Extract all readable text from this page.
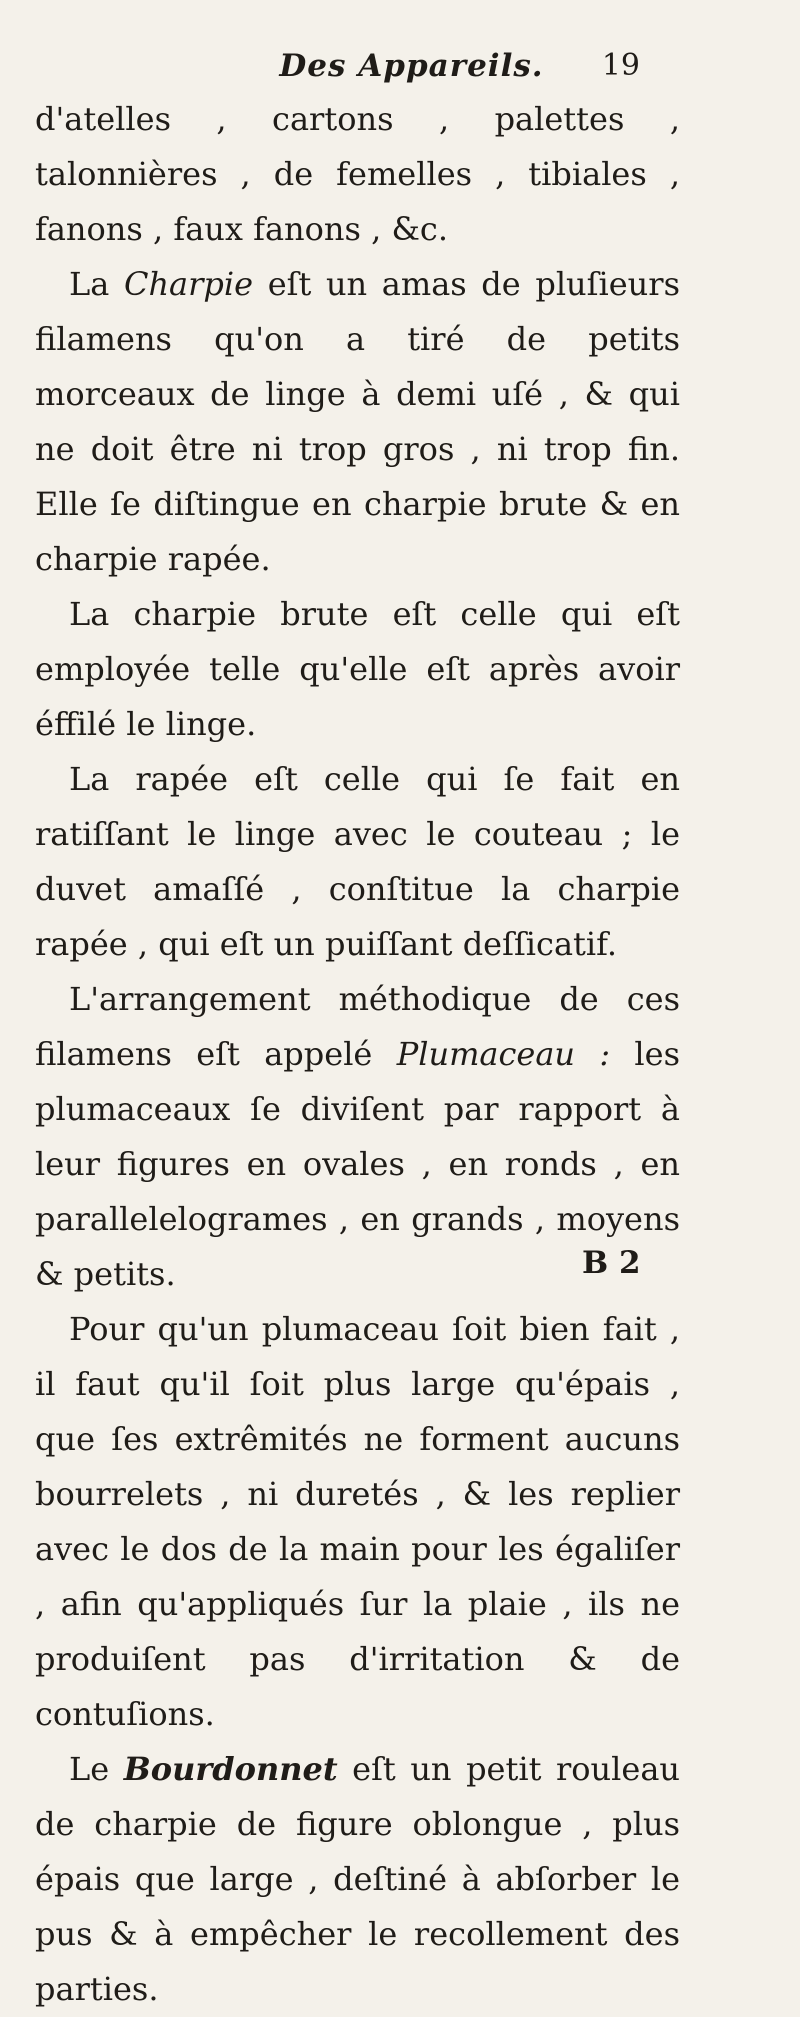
Des Appareils. 19

d'atelles , cartons , palettes , talonnières , de femelles , tibiales , fanons , faux fanons , &c.

La Charpie eſt un amas de pluſieurs filamens qu'on a tiré de petits morceaux de linge à demi uſé , & qui ne doit être ni trop gros , ni trop fin. Elle ſe diſtingue en charpie brute & en charpie rapée.

La charpie brute eſt celle qui eſt employée telle qu'elle eſt après avoir éffilé le linge.

La rapée eſt celle qui ſe fait en ratiſſant le linge avec le couteau ; le duvet amaſſé , conſtitue la charpie rapée , qui eſt un puiſſant deſſicatif.

L'arrangement méthodique de ces filamens eſt appelé Plumaceau : les plumaceaux ſe diviſent par rapport à leur figures en ovales , en ronds , en parallelelogrames , en grands , moyens & petits.

Pour qu'un plumaceau ſoit bien fait , il faut qu'il ſoit plus large qu'épais , que ſes extrêmités ne forment aucuns bourrelets , ni duretés , & les replier avec le dos de la main pour les égaliſer , afin qu'appliqués ſur la plaie , ils ne produiſent pas d'irritation & de contuſions.

Le Bourdonnet eſt un petit rouleau de charpie de figure oblongue , plus épais que large , deſtiné à abſorber le pus & à empêcher le recollement des parties.

B 2
